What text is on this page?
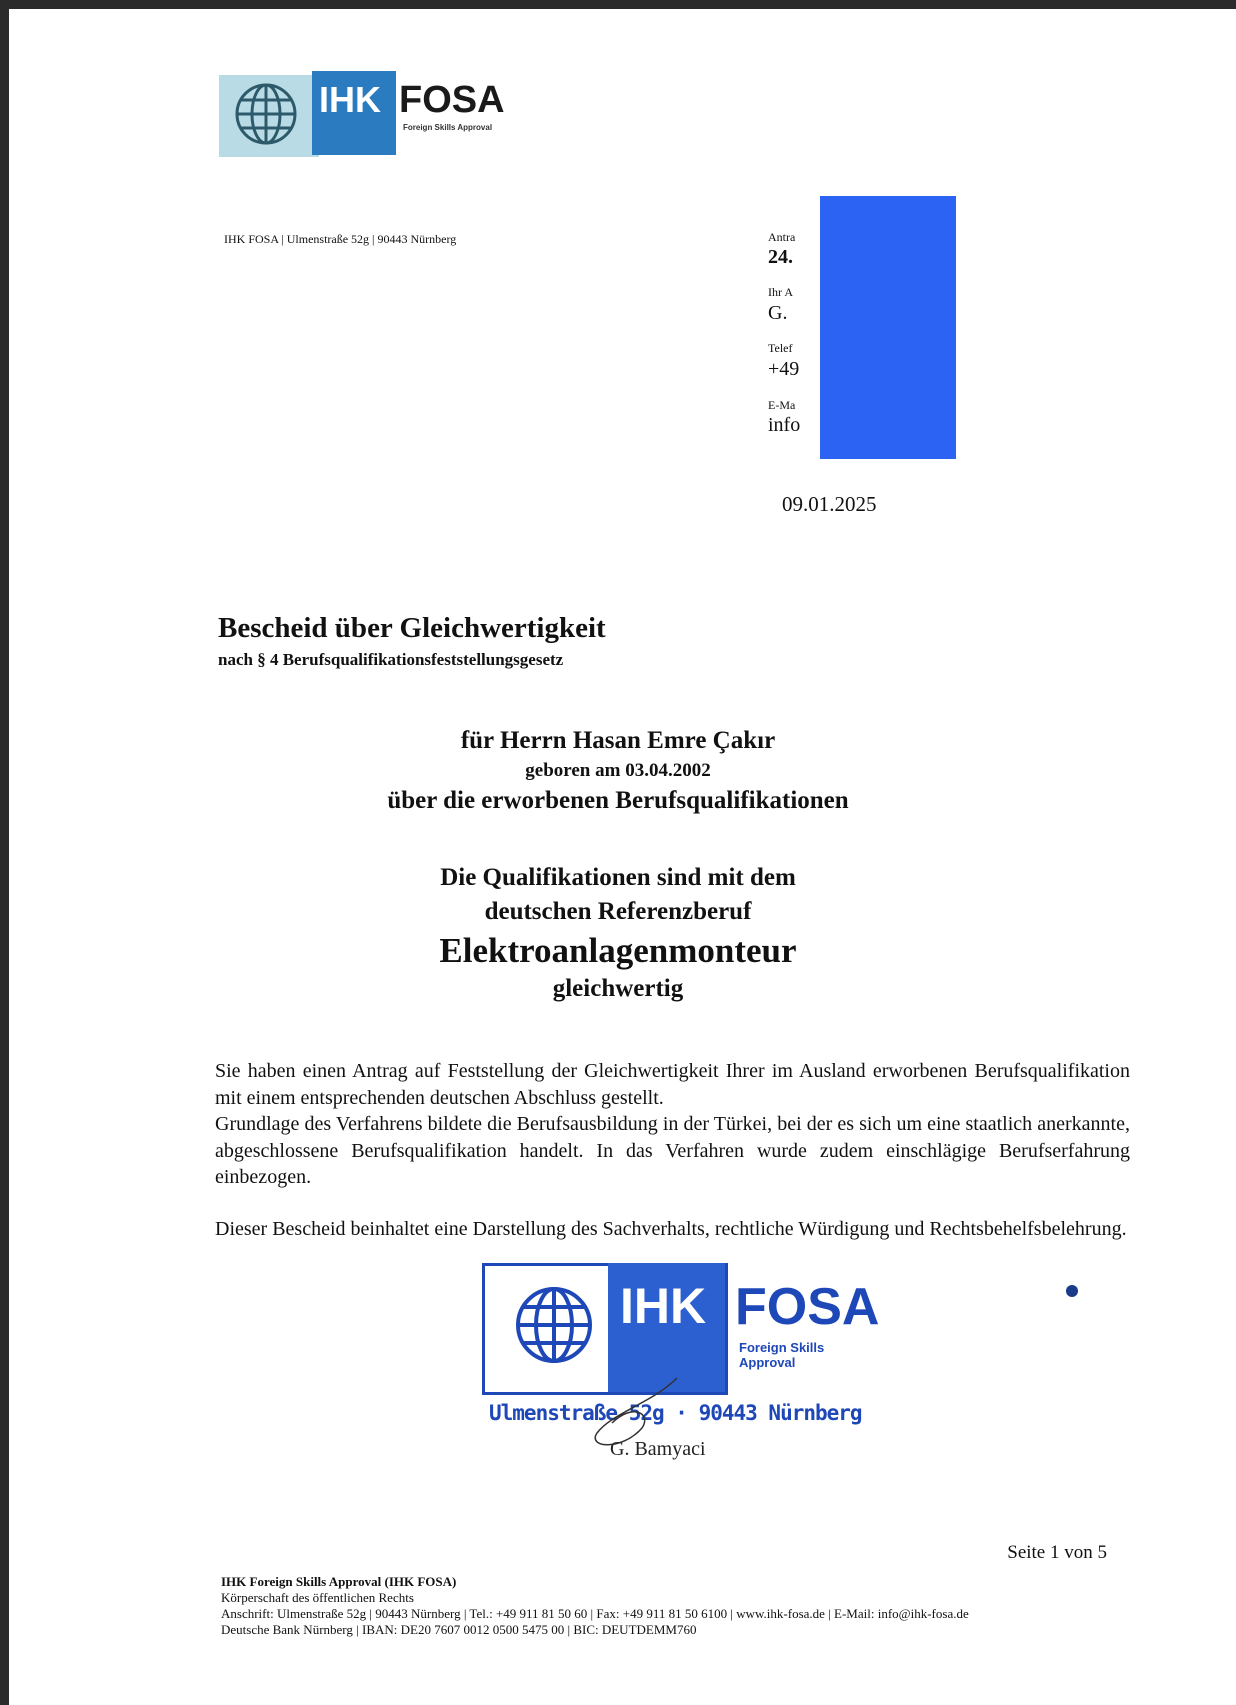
IHK FOSA
Foreign Skills Approval
IHK FOSA | Ulmenstraße 52g | 90443 Nürnberg	Antra
24.
Ihr A
G.
Telef
+49
E-Ma
info
09.01.2025
Bescheid über Gleichwertigkeit
nach § 4 Berufsqualifikationsfeststellungsgesetz
für Herrn Hasan Emre Çakır
geboren am 03.04.2002
über die erworbenen Berufsqualifikationen
Die Qualifikationen sind mit dem
deutschen Referenzberuf
Elektroanlagenmonteur
gleichwertig
Sie haben einen Antrag auf Feststellung der Gleichwertigkeit Ihrer im Ausland erworbenen Berufsqualifikation mit einem entsprechenden deutschen Abschluss gestellt.
Grundlage des Verfahrens bildete die Berufsausbildung in der Türkei, bei der es sich um eine staatlich anerkannte, abgeschlossene Berufsqualifikation handelt. In das Verfahren wurde zudem einschlägige Berufserfahrung einbezogen.
Dieser Bescheid beinhaltet eine Darstellung des Sachverhalts, rechtliche Würdigung und Rechtsbehelfsbelehrung.
IHK FOSA
Foreign Skills Approval
Ulmenstraße 52g · 90443 Nürnberg
G. Bamyaci
Seite 1 von 5
IHK Foreign Skills Approval (IHK FOSA)
Körperschaft des öffentlichen Rechts
Anschrift: Ulmenstraße 52g | 90443 Nürnberg | Tel.: +49 911 81 50 60 | Fax: +49 911 81 50 6100 | www.ihk-fosa.de | E-Mail: info@ihk-fosa.de
Deutsche Bank Nürnberg | IBAN: DE20 7607 0012 0500 5475 00 | BIC: DEUTDEMM760
